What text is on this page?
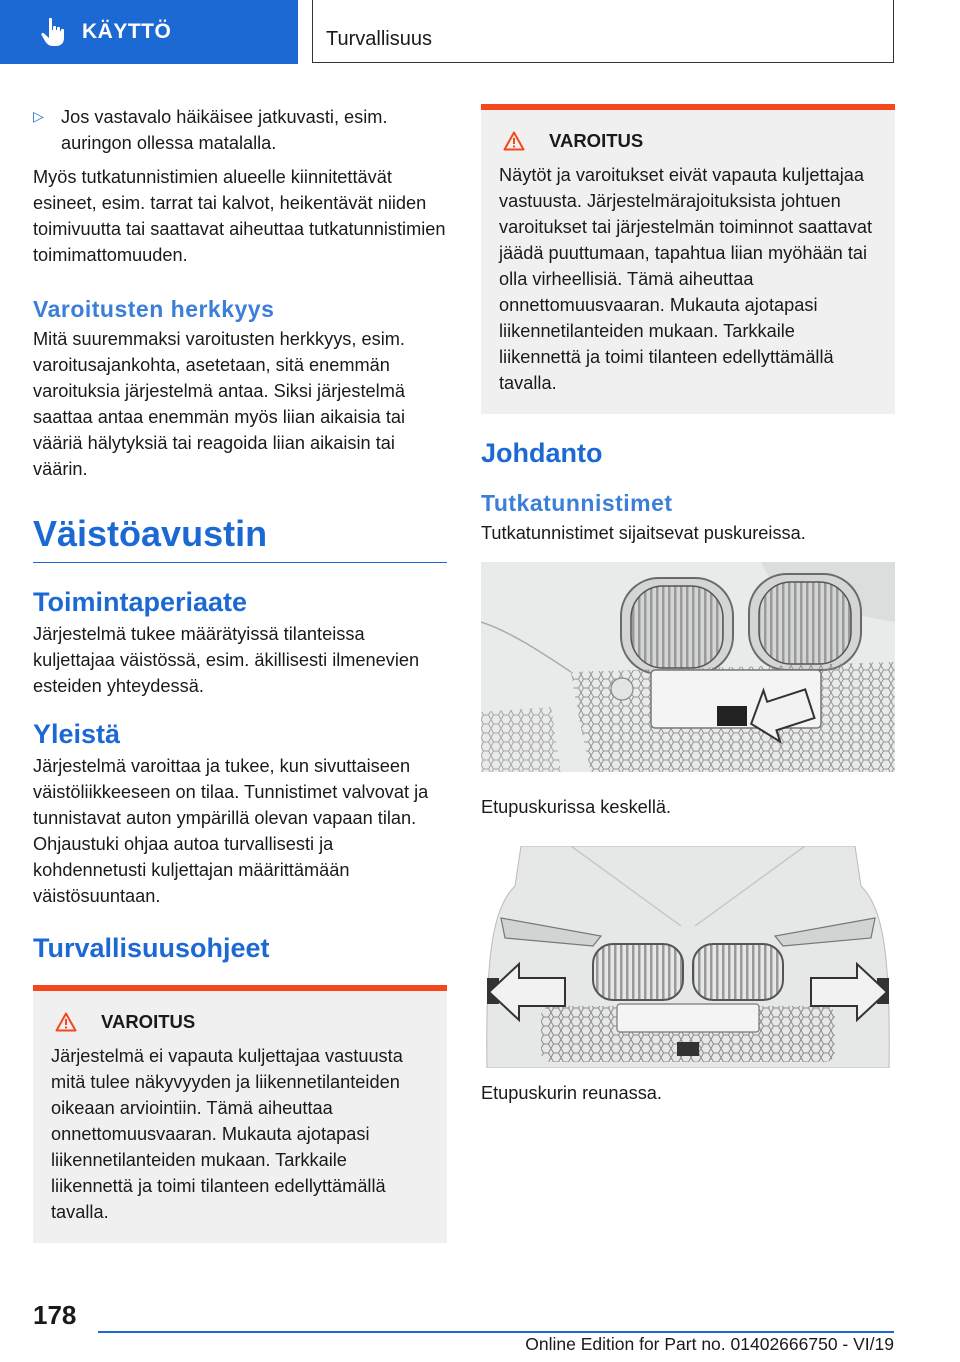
KÄYTTÖ	Turvallisuus
▷ Jos vastavalo häikäisee jatkuvasti, esim. auringon ollessa matalalla.

Myös tutkatunnistimien alueelle kiinnitettävät esineet, esim. tarrat tai kalvot, heikentävät niiden toimivuutta tai saattavat aiheuttaa tutkatunnistimien toimimattomuuden.

Varoitusten herkkyys

Mitä suuremmaksi varoitusten herkkyys, esim. varoitusajankohta, asetetaan, sitä enemmän varoituksia järjestelmä antaa. Siksi järjestelmä saattaa antaa enemmän myös liian aikaisia tai vääriä hälytyksiä tai reagoida liian aikaisin tai väärin.

Väistöavustin
Toimintaperiaate

Järjestelmä tukee määrätyissä tilanteissa kuljettajaa väistössä, esim. äkillisesti ilmenevien esteiden yhteydessä.

Yleistä

Järjestelmä varoittaa ja tukee, kun sivuttaiseen väistöliikkeeseen on tilaa. Tunnistimet valvovat ja tunnistavat auton ympärillä olevan vapaan tilan. Ohjaustuki ohjaa autoa turvallisesti ja kohdennetusti kuljettajan määrittämään väistösuuntaan.

Turvallisuusohjeet
VAROITUS

Järjestelmä ei vapauta kuljettajaa vastuusta mitä tulee näkyvyyden ja liikennetilanteiden oikeaan arviointiin. Tämä aiheuttaa onnettomuusvaaran. Mukauta ajotapasi liikennetilanteiden mukaan. Tarkkaile liikennettä ja toimi tilanteen edellyttämällä tavalla.

VAROITUS

Näytöt ja varoitukset eivät vapauta kuljettajaa vastuusta. Järjestelmärajoituksista johtuen varoitukset tai järjestelmän toiminnot saattavat jäädä puuttumaan, tapahtua liian myöhään tai olla virheellisiä. Tämä aiheuttaa onnettomuusvaaran. Mukauta ajotapasi liikennetilanteiden mukaan. Tarkkaile liikennettä ja toimi tilanteen edellyttämällä tavalla.

Johdanto
Tutkatunnistimet

Tutkatunnistimet sijaitsevat puskureissa.

Etupuskurissa keskellä.

Etupuskurin reunassa.

178
Online Edition for Part no. 01402666750 - VI/19
